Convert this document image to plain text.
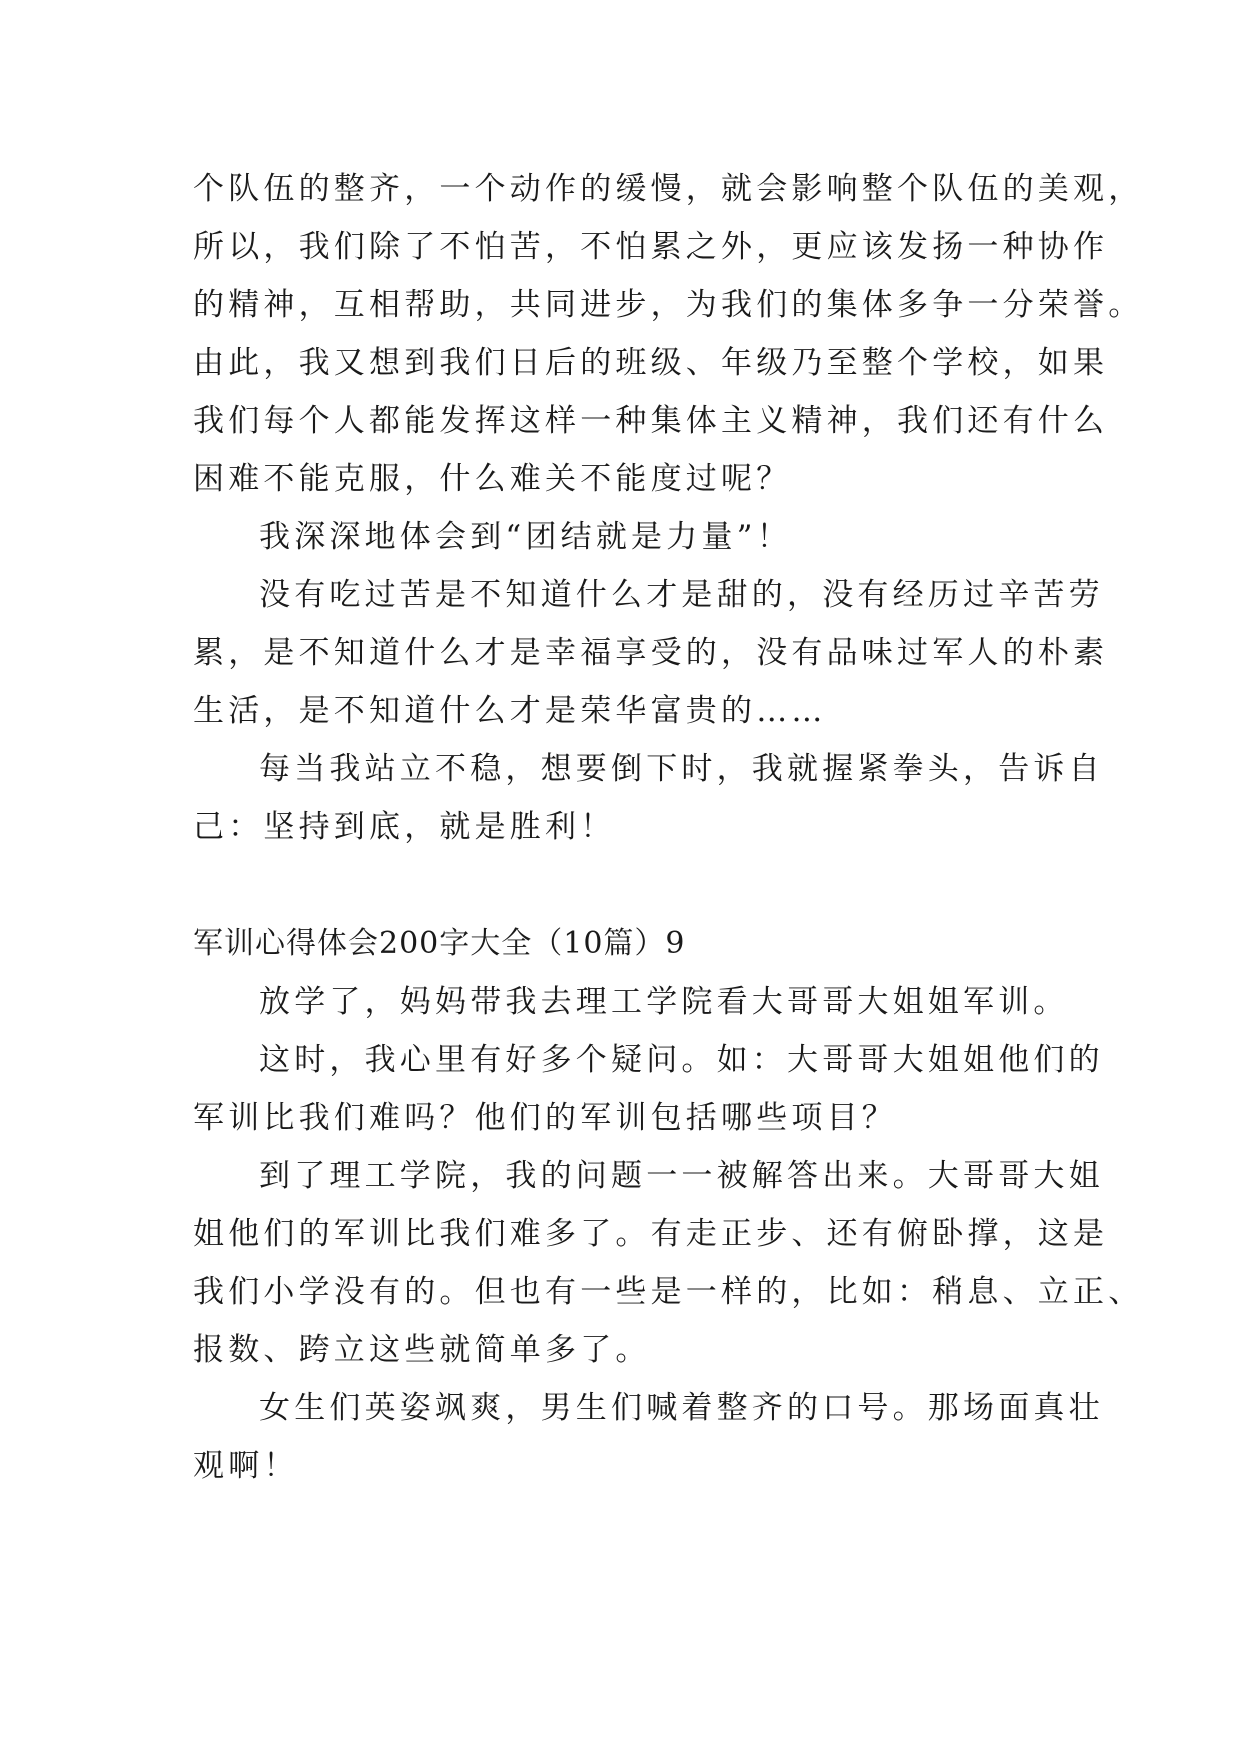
个队伍的整齐，一个动作的缓慢，就会影响整个队伍的美观，
所以，我们除了不怕苦，不怕累之外，更应该发扬一种协作
的精神，互相帮助，共同进步，为我们的集体多争一分荣誉。
由此，我又想到我们日后的班级、年级乃至整个学校，如果
我们每个人都能发挥这样一种集体主义精神，我们还有什么
困难不能克服，什么难关不能度过呢？
我深深地体会到“团结就是力量”！
没有吃过苦是不知道什么才是甜的，没有经历过辛苦劳
累，是不知道什么才是幸福享受的，没有品味过军人的朴素
生活，是不知道什么才是荣华富贵的……
每当我站立不稳，想要倒下时，我就握紧拳头，告诉自
己：坚持到底，就是胜利！
军训心得体会200字大全（10篇）9
放学了，妈妈带我去理工学院看大哥哥大姐姐军训。
这时，我心里有好多个疑问。如：大哥哥大姐姐他们的
军训比我们难吗？他们的军训包括哪些项目？
到了理工学院，我的问题一一被解答出来。大哥哥大姐
姐他们的军训比我们难多了。有走正步、还有俯卧撑，这是
我们小学没有的。但也有一些是一样的，比如：稍息、立正、
报数、跨立这些就简单多了。
女生们英姿飒爽，男生们喊着整齐的口号。那场面真壮
观啊！
